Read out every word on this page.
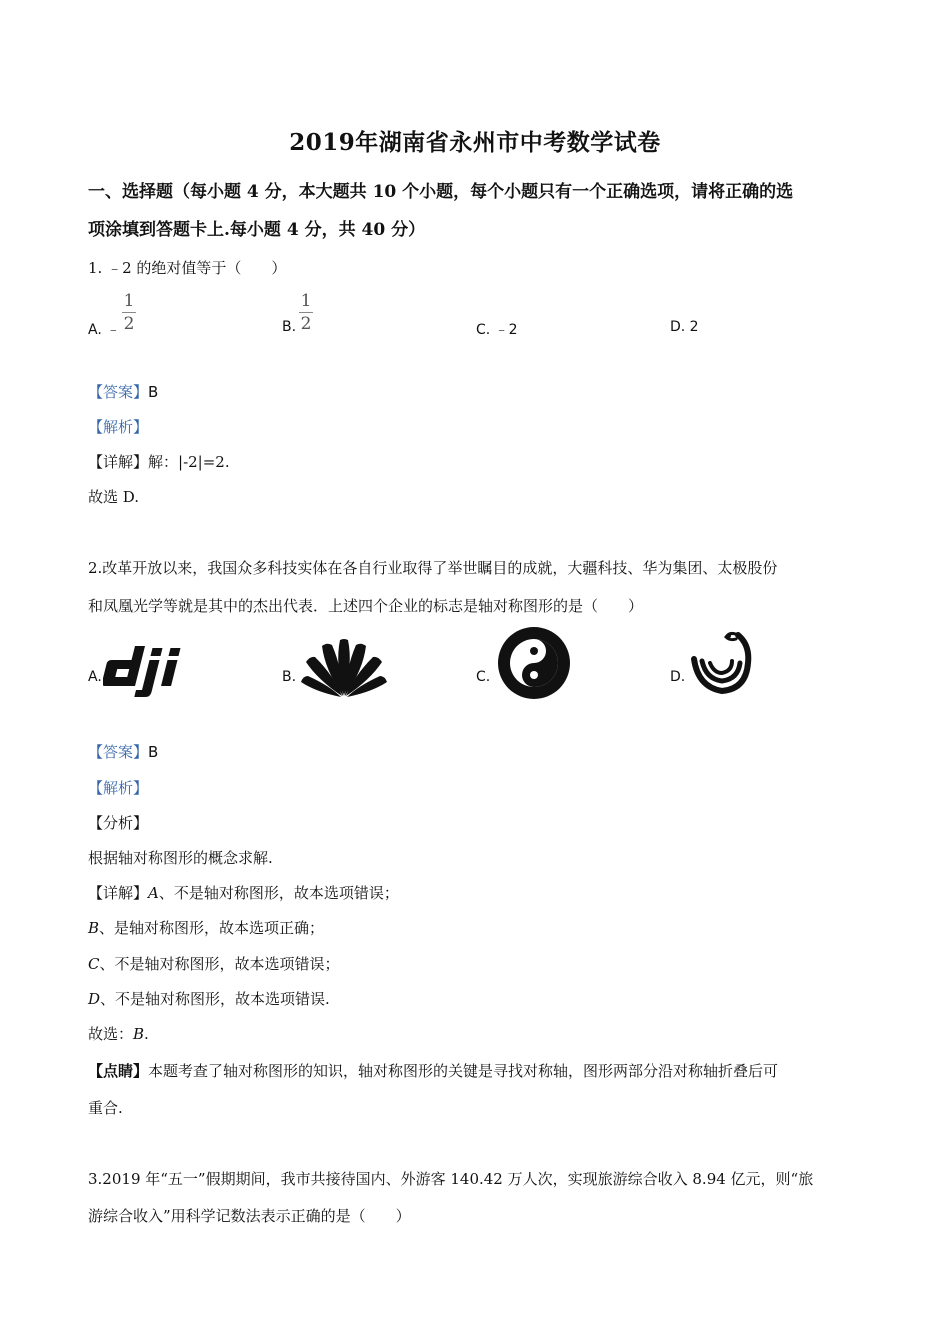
2019年湖南省永州市中考数学试卷
一、选择题（每小题 4 分，本大题共 10 个小题，每个小题只有一个正确选项，请将正确的选
项涂填到答题卡上.每小题 4 分，共 40 分）
1. ﹣2 的绝对值等于（　　）
A. ﹣
1
2	B.
1
2	C. ﹣2	D. 2
【答案】B
【解析】
【详解】解：|-2|=2.
故选 D.
2.改革开放以来，我国众多科技实体在各自行业取得了举世瞩目的成就，大疆科技、华为集团、太极股份
和凤凰光学等就是其中的杰出代表．上述四个企业的标志是轴对称图形的是（　　）
A.	B.	C.	D.
【答案】B
【解析】
【分析】
根据轴对称图形的概念求解.
【详解】A、不是轴对称图形，故本选项错误；
B、是轴对称图形，故本选项正确；
C、不是轴对称图形，故本选项错误；
D、不是轴对称图形，故本选项错误.
故选：B.
【点睛】本题考查了轴对称图形的知识，轴对称图形的关键是寻找对称轴，图形两部分沿对称轴折叠后可
重合.
3.2019 年“五一”假期期间，我市共接待国内、外游客 140.42 万人次，实现旅游综合收入 8.94 亿元，则“旅
游综合收入”用科学记数法表示正确的是（　　）
